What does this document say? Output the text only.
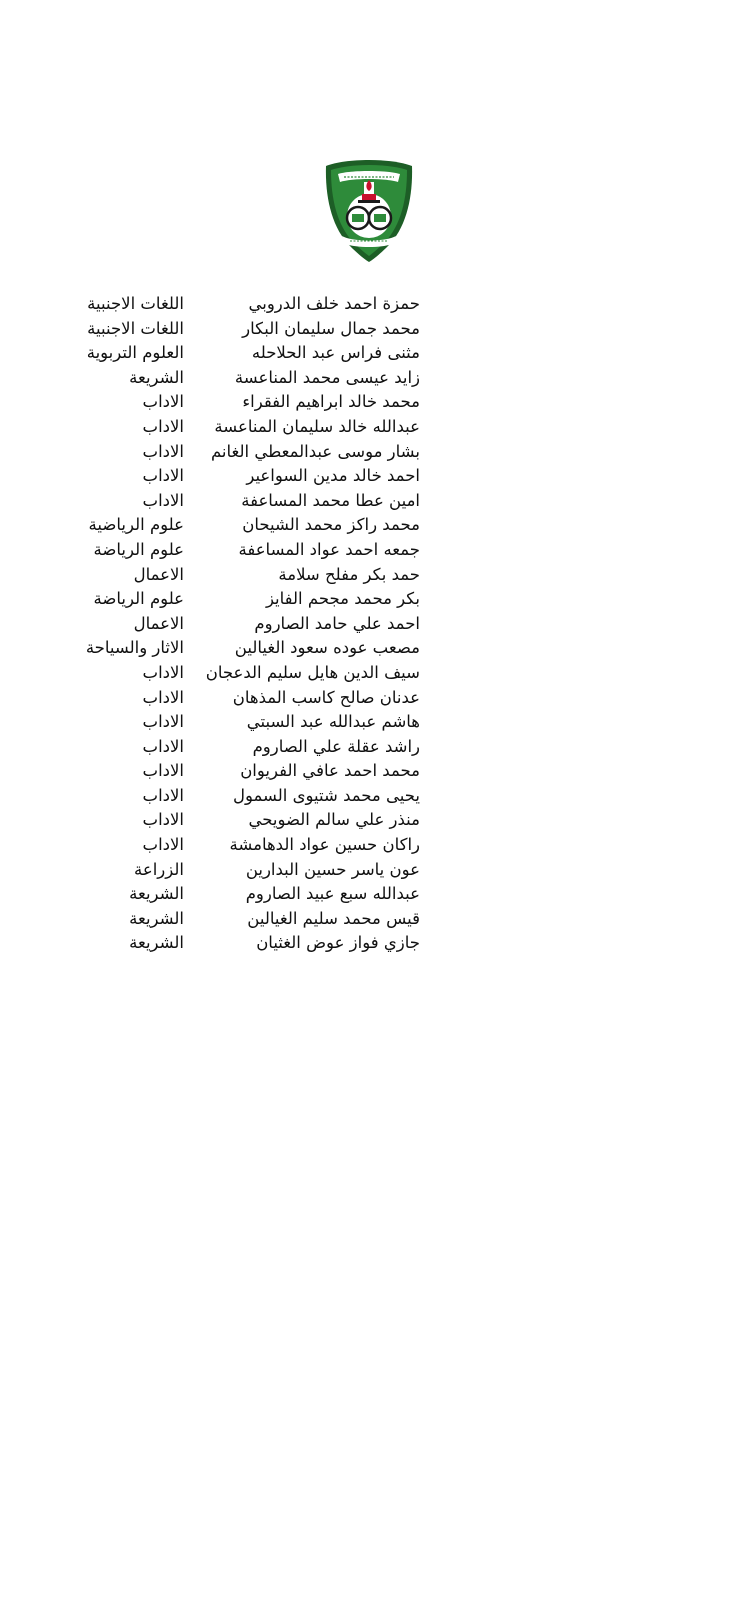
حمزة احمد خلف الدروبي
اللغات الاجنبية
محمد جمال سليمان البكار
اللغات الاجنبية
مثنى فراس عبد الحلاحله
العلوم التربوية
زايد عيسى محمد المناعسة
الشريعة
محمد خالد ابراهيم الفقراء
الاداب
عبدالله خالد سليمان المناعسة
الاداب
بشار موسى عبدالمعطي الغانم
الاداب
احمد خالد مدين السواعير
الاداب
امين عطا محمد المساعفة
الاداب
محمد راكز محمد الشيحان
علوم الرياضية
جمعه احمد عواد المساعفة
علوم الرياضة
حمد بكر مفلح سلامة
الاعمال
بكر محمد مجحم الفايز
علوم الرياضة
احمد علي حامد الصاروم
الاعمال
مصعب عوده سعود الغيالين
الاثار والسياحة
سيف الدين هايل سليم الدعجان
الاداب
عدنان صالح كاسب المذهان
الاداب
هاشم عبدالله عبد السبتي
الاداب
راشد عقلة علي الصاروم
الاداب
محمد احمد عافي الفريوان
الاداب
يحيى محمد شتيوى السمول
الاداب
منذر علي سالم الضويحي
الاداب
راكان حسين عواد الدهامشة
الاداب
عون ياسر حسين البدارين
الزراعة
عبدالله سبع عبيد الصاروم
الشريعة
قيس محمد سليم الغيالين
الشريعة
جازي فواز عوض الغثيان
الشريعة
